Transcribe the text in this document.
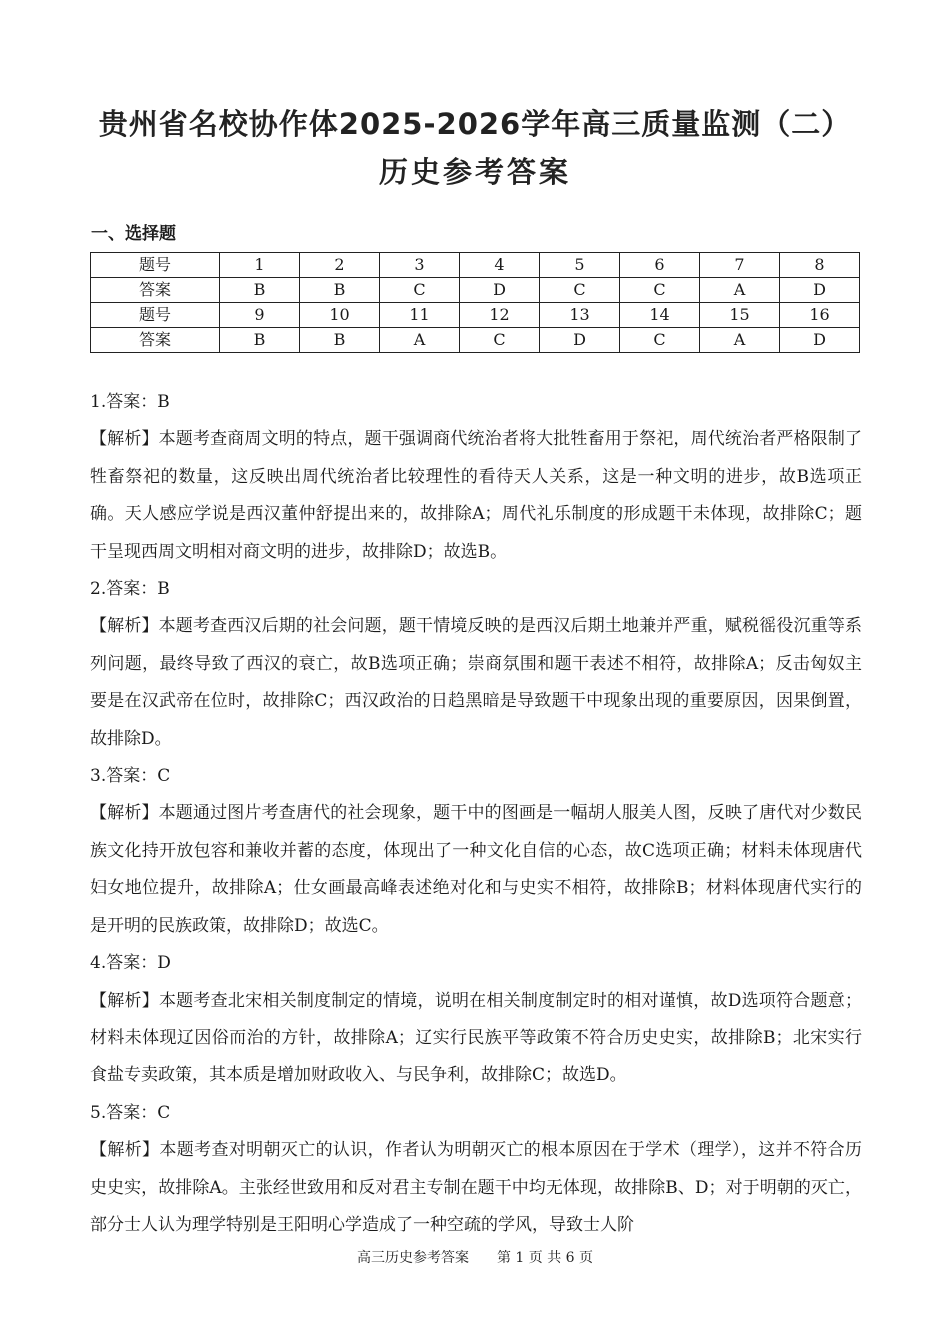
贵州省名校协作体2025-2026学年高三质量监测（二）
历史参考答案
一、选择题
题号	1	2	3	4	5	6	7	8
答案	B	B	C	D	C	C	A	D
题号	9	10	11	12	13	14	15	16
答案	B	B	A	C	D	C	A	D

1.答案：B

【解析】本题考查商周文明的特点，题干强调商代统治者将大批牲畜用于祭祀，周代统治者严格限制了牲畜祭祀的数量，这反映出周代统治者比较理性的看待天人关系，这是一种文明的进步，故B选项正确。天人感应学说是西汉董仲舒提出来的，故排除A；周代礼乐制度的形成题干未体现，故排除C；题干呈现西周文明相对商文明的进步，故排除D；故选B。

2.答案：B

【解析】本题考查西汉后期的社会问题，题干情境反映的是西汉后期土地兼并严重，赋税徭役沉重等系列问题，最终导致了西汉的衰亡，故B选项正确；崇商氛围和题干表述不相符，故排除A；反击匈奴主要是在汉武帝在位时，故排除C；西汉政治的日趋黑暗是导致题干中现象出现的重要原因，因果倒置，故排除D。

3.答案：C

【解析】本题通过图片考查唐代的社会现象，题干中的图画是一幅胡人服美人图，反映了唐代对少数民族文化持开放包容和兼收并蓄的态度，体现出了一种文化自信的心态，故C选项正确；材料未体现唐代妇女地位提升，故排除A；仕女画最高峰表述绝对化和与史实不相符，故排除B；材料体现唐代实行的是开明的民族政策，故排除D；故选C。

4.答案：D

【解析】本题考查北宋相关制度制定的情境，说明在相关制度制定时的相对谨慎，故D选项符合题意；材料未体现辽因俗而治的方针，故排除A；辽实行民族平等政策不符合历史史实，故排除B；北宋实行食盐专卖政策，其本质是增加财政收入、与民争利，故排除C；故选D。

5.答案：C

【解析】本题考查对明朝灭亡的认识，作者认为明朝灭亡的根本原因在于学术（理学），这并不符合历史史实，故排除A。主张经世致用和反对君主专制在题干中均无体现，故排除B、D；对于明朝的灭亡，部分士人认为理学特别是王阳明心学造成了一种空疏的学风，导致士人阶

高三历史参考答案　　第 1 页 共 6 页
